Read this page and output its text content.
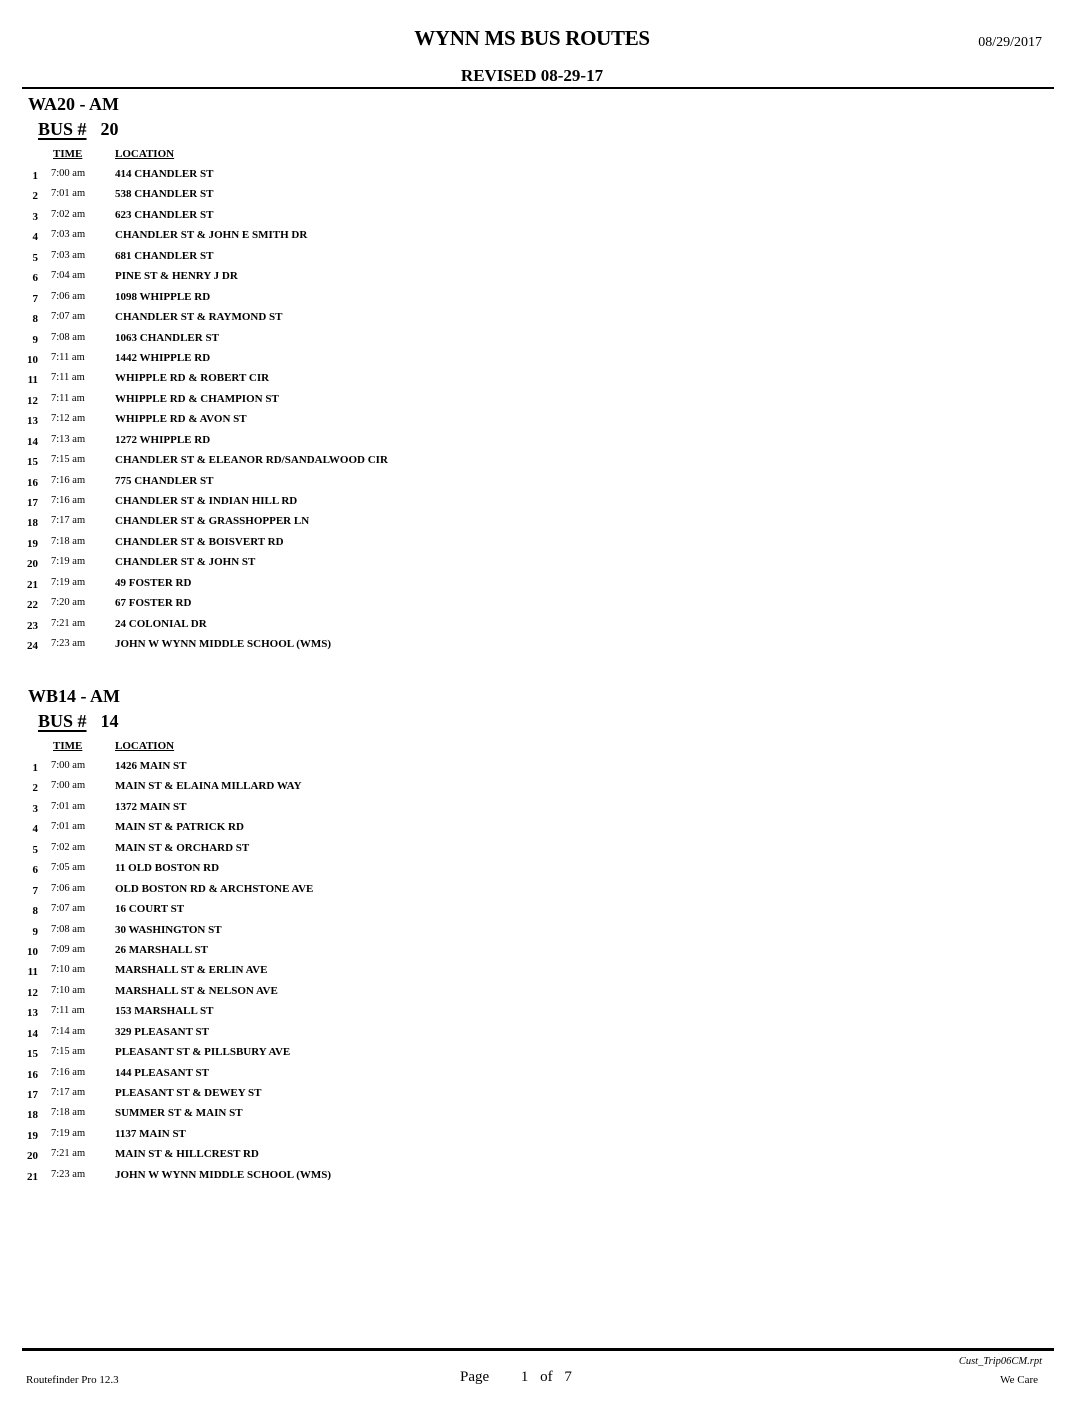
WYNN MS BUS ROUTES	08/29/2017
REVISED 08-29-17
WA20 - AM
BUS # 20
TIME	LOCATION
1 7:00 am	414 CHANDLER ST
2 7:01 am	538 CHANDLER ST
3 7:02 am	623 CHANDLER ST
4 7:03 am	CHANDLER ST & JOHN E SMITH DR
5 7:03 am	681 CHANDLER ST
6 7:04 am	PINE ST & HENRY J DR
7 7:06 am	1098 WHIPPLE RD
8 7:07 am	CHANDLER ST & RAYMOND ST
9 7:08 am	1063 CHANDLER ST
10 7:11 am	1442 WHIPPLE RD
11 7:11 am	WHIPPLE RD & ROBERT CIR
12 7:11 am	WHIPPLE RD & CHAMPION ST
13 7:12 am	WHIPPLE RD & AVON ST
14 7:13 am	1272 WHIPPLE RD
15 7:15 am	CHANDLER ST & ELEANOR RD/SANDALWOOD CIR
16 7:16 am	775 CHANDLER ST
17 7:16 am	CHANDLER ST & INDIAN HILL RD
18 7:17 am	CHANDLER ST & GRASSHOPPER LN
19 7:18 am	CHANDLER ST & BOISVERT RD
20 7:19 am	CHANDLER ST & JOHN ST
21 7:19 am	49 FOSTER RD
22 7:20 am	67 FOSTER RD
23 7:21 am	24 COLONIAL DR
24 7:23 am	JOHN W WYNN MIDDLE SCHOOL (WMS)
WB14 - AM
BUS # 14
TIME	LOCATION
1 7:00 am	1426 MAIN ST
2 7:00 am	MAIN ST & ELAINA MILLARD WAY
3 7:01 am	1372 MAIN ST
4 7:01 am	MAIN ST & PATRICK RD
5 7:02 am	MAIN ST & ORCHARD ST
6 7:05 am	11 OLD BOSTON RD
7 7:06 am	OLD BOSTON RD & ARCHSTONE AVE
8 7:07 am	16 COURT ST
9 7:08 am	30 WASHINGTON ST
10 7:09 am	26 MARSHALL ST
11 7:10 am	MARSHALL ST & ERLIN AVE
12 7:10 am	MARSHALL ST & NELSON AVE
13 7:11 am	153 MARSHALL ST
14 7:14 am	329 PLEASANT ST
15 7:15 am	PLEASANT ST & PILLSBURY AVE
16 7:16 am	144 PLEASANT ST
17 7:17 am	PLEASANT ST & DEWEY ST
18 7:18 am	SUMMER ST & MAIN ST
19 7:19 am	1137 MAIN ST
20 7:21 am	MAIN ST & HILLCREST RD
21 7:23 am	JOHN W WYNN MIDDLE SCHOOL (WMS)
Routefinder Pro 12.3	Page 1 of 7
Cust_Trip06CM.rpt
We Care
